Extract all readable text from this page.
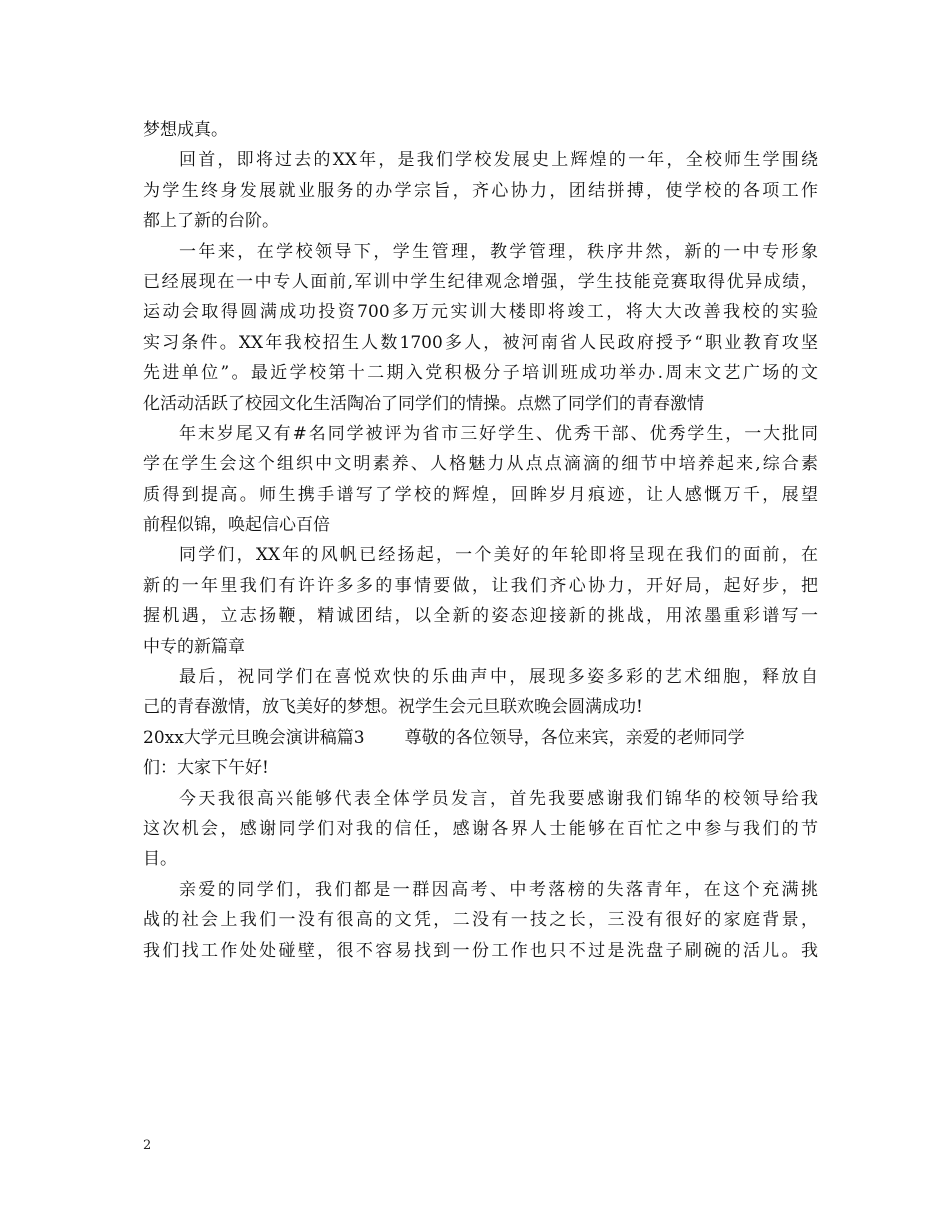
梦想成真。
回首，即将过去的XX年，是我们学校发展史上辉煌的一年，全校师生学围绕
为学生终身发展就业服务的办学宗旨，齐心协力，团结拼搏，使学校的各项工作
都上了新的台阶。
一年来，在学校领导下，学生管理，教学管理，秩序井然，新的一中专形象
已经展现在一中专人面前,军训中学生纪律观念增强，学生技能竞赛取得优异成绩，
运动会取得圆满成功投资700多万元实训大楼即将竣工，将大大改善我校的实验
实习条件。XX年我校招生人数1700多人，被河南省人民政府授予“职业教育攻坚
先进单位”。最近学校第十二期入党积极分子培训班成功举办.周末文艺广场的文
化活动活跃了校园文化生活陶冶了同学们的情操。点燃了同学们的青春激情
年末岁尾又有#名同学被评为省市三好学生、优秀干部、优秀学生，一大批同
学在学生会这个组织中文明素养、人格魅力从点点滴滴的细节中培养起来,综合素
质得到提高。师生携手谱写了学校的辉煌，回眸岁月痕迹，让人感慨万千，展望
前程似锦，唤起信心百倍
同学们，XX年的风帆已经扬起，一个美好的年轮即将呈现在我们的面前，在
新的一年里我们有许许多多的事情要做，让我们齐心协力，开好局，起好步，把
握机遇，立志扬鞭，精诚团结，以全新的姿态迎接新的挑战，用浓墨重彩谱写一
中专的新篇章
最后，祝同学们在喜悦欢快的乐曲声中，展现多姿多彩的艺术细胞，释放自
己的青春激情，放飞美好的梦想。祝学生会元旦联欢晚会圆满成功!
20xx大学元旦晚会演讲稿篇3 尊敬的各位领导，各位来宾，亲爱的老师同学
们：大家下午好!
今天我很高兴能够代表全体学员发言，首先我要感谢我们锦华的校领导给我
这次机会，感谢同学们对我的信任，感谢各界人士能够在百忙之中参与我们的节
目。
亲爱的同学们，我们都是一群因高考、中考落榜的失落青年，在这个充满挑
战的社会上我们一没有很高的文凭，二没有一技之长，三没有很好的家庭背景，
我们找工作处处碰壁，很不容易找到一份工作也只不过是洗盘子刷碗的活儿。我
2
